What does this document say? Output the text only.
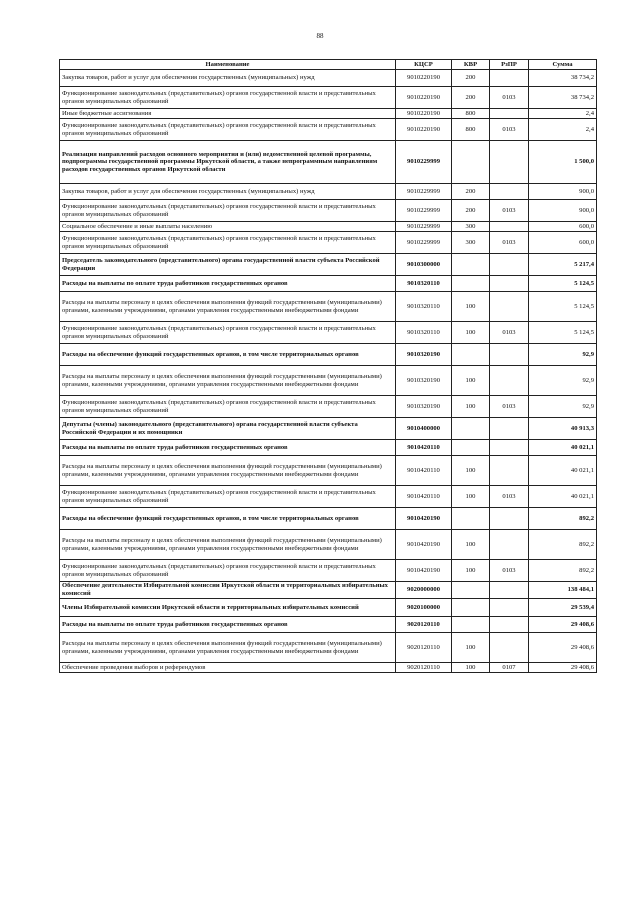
88
Наименование	КЦСР	КВР	РзПР	Сумма
Закупка товаров, работ и услуг для обеспечения государственных (муниципальных) нужд	9010220190	200		38 734,2
Функционирование законодательных (представительных) органов государственной власти и представительных органов муниципальных образований	9010220190	200	0103	38 734,2
Иные бюджетные ассигнования	9010220190	800		2,4
Функционирование законодательных (представительных) органов государственной власти и представительных органов муниципальных образований	9010220190	800	0103	2,4
Реализация направлений расходов основного мероприятия и (или) ведомственной целевой программы, подпрограммы государственной программы Иркутской области, а также непрограммным направлениям расходов государственных органов Иркутской области	9010229999			1 500,0
Закупка товаров, работ и услуг для обеспечения государственных (муниципальных) нужд	9010229999	200		900,0
Функционирование законодательных (представительных) органов государственной власти и представительных органов муниципальных образований	9010229999	200	0103	900,0
Социальное обеспечение и иные выплаты населению	9010229999	300		600,0
Функционирование законодательных (представительных) органов государственной власти и представительных органов муниципальных образований	9010229999	300	0103	600,0
Председатель законодательного (представительного) органа государственной власти субъекта Российской Федерации	9010300000			5 217,4
Расходы на выплаты по оплате труда работников государственных органов	9010320110			5 124,5
Расходы на выплаты персоналу в целях обеспечения выполнения функций государственными (муниципальными) органами, казенными учреждениями, органами управления государственными внебюджетными фондами	9010320110	100		5 124,5
Функционирование законодательных (представительных) органов государственной власти и представительных органов муниципальных образований	9010320110	100	0103	5 124,5
Расходы на обеспечение функций государственных органов, в том числе территориальных органов	9010320190			92,9
Расходы на выплаты персоналу в целях обеспечения выполнения функций государственными (муниципальными) органами, казенными учреждениями, органами управления государственными внебюджетными фондами	9010320190	100		92,9
Функционирование законодательных (представительных) органов государственной власти и представительных органов муниципальных образований	9010320190	100	0103	92,9
Депутаты (члены) законодательного (представительного) органа государственной власти субъекта Российской Федерации и их помощники	9010400000			40 913,3
Расходы на выплаты по оплате труда работников государственных органов	9010420110			40 021,1
Расходы на выплаты персоналу в целях обеспечения выполнения функций государственными (муниципальными) органами, казенными учреждениями, органами управления государственными внебюджетными фондами	9010420110	100		40 021,1
Функционирование законодательных (представительных) органов государственной власти и представительных органов муниципальных образований	9010420110	100	0103	40 021,1
Расходы на обеспечение функций государственных органов, в том числе территориальных органов	9010420190			892,2
Расходы на выплаты персоналу в целях обеспечения выполнения функций государственными (муниципальными) органами, казенными учреждениями, органами управления государственными внебюджетными фондами	9010420190	100		892,2
Функционирование законодательных (представительных) органов государственной власти и представительных органов муниципальных образований	9010420190	100	0103	892,2
Обеспечение деятельности Избирательной комиссии Иркутской области и территориальных избирательных комиссий	9020000000			138 484,1
Члены Избирательной комиссии Иркутской области и территориальных избирательных комиссий	9020100000			29 539,4
Расходы на выплаты по оплате труда работников государственных органов	9020120110			29 408,6
Расходы на выплаты персоналу в целях обеспечения выполнения функций государственными (муниципальными) органами, казенными учреждениями, органами управления государственными внебюджетными фондами	9020120110	100		29 408,6
Обеспечение проведения выборов и референдумов	9020120110	100	0107	29 408,6
